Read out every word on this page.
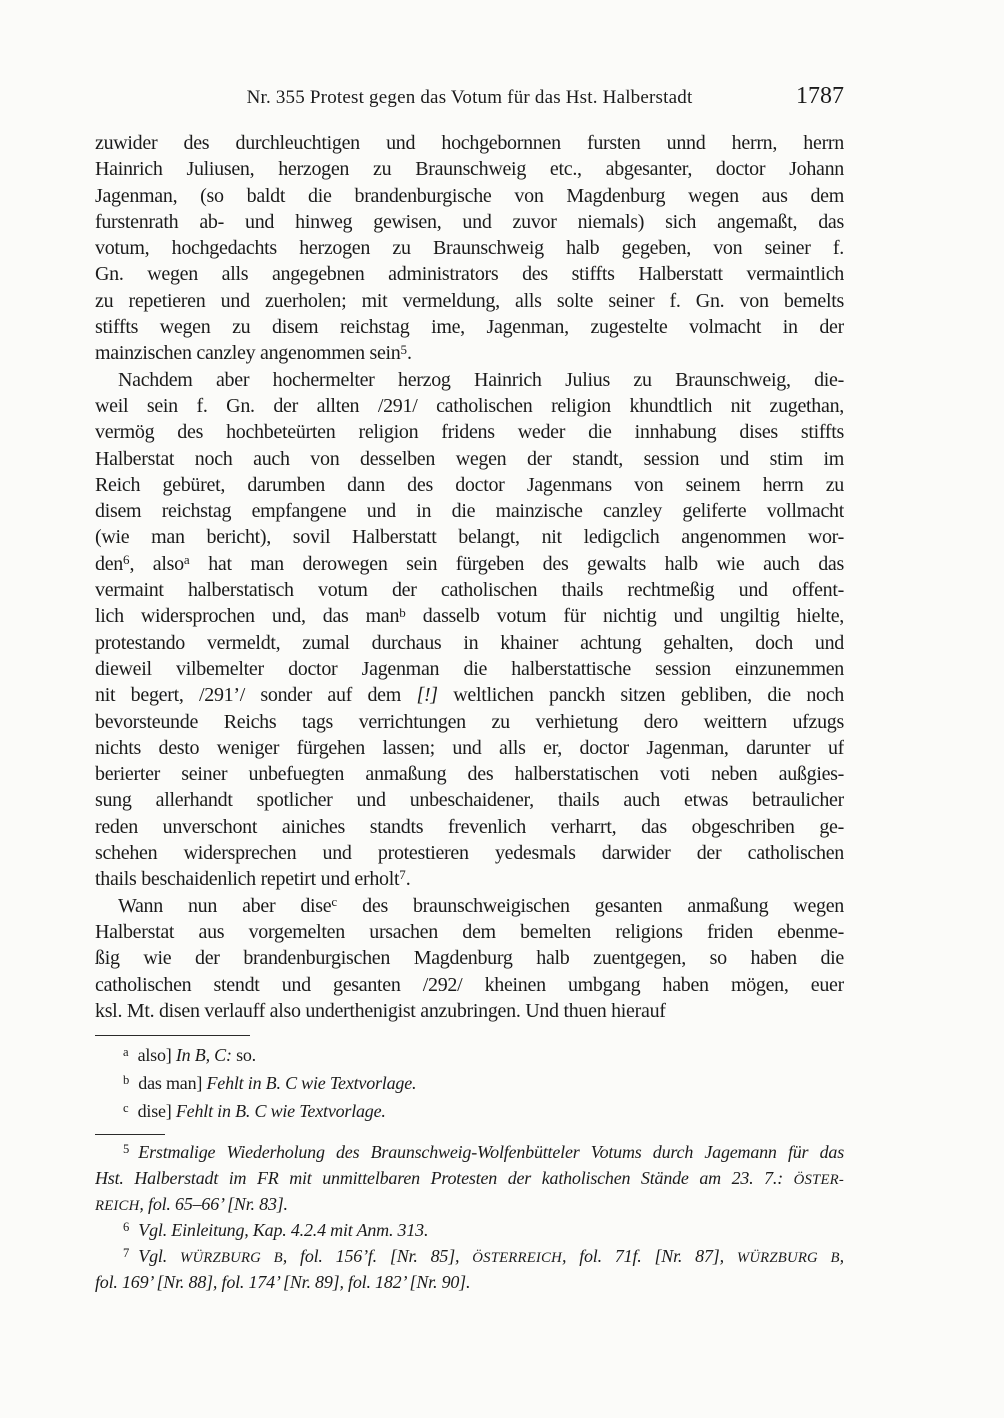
Nr. 355 Protest gegen das Votum für das Hst. Halberstadt	1787
zuwider des durchleuchtigen und hochgebornnen fursten unnd herrn, herrn
Hainrich Juliusen, herzogen zu Braunschweig etc., abgesanter, doctor Johann
Jagenman, (so baldt die brandenburgische von Magdenburg wegen aus dem
furstenrath ab- und hinweg gewisen, und zuvor niemals) sich angemaßt, das
votum, hochgedachts herzogen zu Braunschweig halb gegeben, von seiner f.
Gn. wegen alls angegebnen administrators des stiffts Halberstatt vermaintlich
zu repetieren und zuerholen; mit vermeldung, alls solte seiner f. Gn. von bemelts
stiffts wegen zu disem reichstag ime, Jagenman, zugestelte volmacht in der
mainzischen canzley angenommen sein$^5$.
Nachdem aber hochermelter herzog Hainrich Julius zu Braunschweig, die-
weil sein f. Gn. der allten /291/ catholischen religion khundtlich nit zugethan,
vermög des hochbeteürten religion fridens weder die innhabung dises stiffts
Halberstat noch auch von desselben wegen der standt, session und stim im
Reich gebüret, darumben dann des doctor Jagenmans von seinem herrn zu
disem reichstag empfangene und in die mainzische canzley geliferte vollmacht
(wie man bericht), sovil Halberstatt belangt, nit ledigclich angenommen wor-
den$^6$, also$^a$ hat man derowegen sein fürgeben des gewalts halb wie auch das
vermaint halberstatisch votum der catholischen thails rechtmeßig und offent-
lich widersprochen und, das man$^b$ dasselb votum für nichtig und ungiltig hielte,
protestando vermeldt, zumal durchaus in khainer achtung gehalten, doch und
dieweil vilbemelter doctor Jagenman die halberstattische session einzunemmen
nit begert, /291’/ sonder auf dem [!] weltlichen panckh sitzen gebliben, die noch
bevorsteunde Reichs tags verrichtungen zu verhietung dero weittern ufzugs
nichts desto weniger fürgehen lassen; und alls er, doctor Jagenman, darunter uf
berierter seiner unbefuegten anmaßung des halberstatischen voti neben außgies-
sung allerhandt spotlicher und unbeschaidener, thails auch etwas betraulicher
reden unverschont ainiches standts frevenlich verharrt, das obgeschriben ge-
schehen widersprechen und protestieren yedesmals darwider der catholischen
thails beschaidenlich repetirt und erholt$^7$.
Wann nun aber dise$^c$ des braunschweigischen gesanten anmaßung wegen
Halberstat aus vorgemelten ursachen dem bemelten religions friden ebenme-
ßig wie der brandenburgischen Magdenburg halb zuentgegen, so haben die
catholischen stendt und gesanten /292/ kheinen umbgang haben mögen, euer
ksl. Mt. disen verlauff also underthenigist anzubringen. Und thuen hierauf
$^a$ also] In B, C: so.
$^b$ das man] Fehlt in B. C wie Textvorlage.
$^c$ dise] Fehlt in B. C wie Textvorlage.
$^5$ Erstmalige Wiederholung des Braunschweig-Wolfenbütteler Votums durch Jagemann für das
Hst. Halberstadt im FR mit unmittelbaren Protesten der katholischen Stände am 23. 7.: ÖSTER-
REICH, fol. 65–66’ [Nr. 83].
$^6$ Vgl. Einleitung, Kap. 4.2.4 mit Anm. 313.
$^7$ Vgl. WÜRZBURG B, fol. 156’f. [Nr. 85], ÖSTERREICH, fol. 71f. [Nr. 87], WÜRZBURG B,
fol. 169’ [Nr. 88], fol. 174’ [Nr. 89], fol. 182’ [Nr. 90].
